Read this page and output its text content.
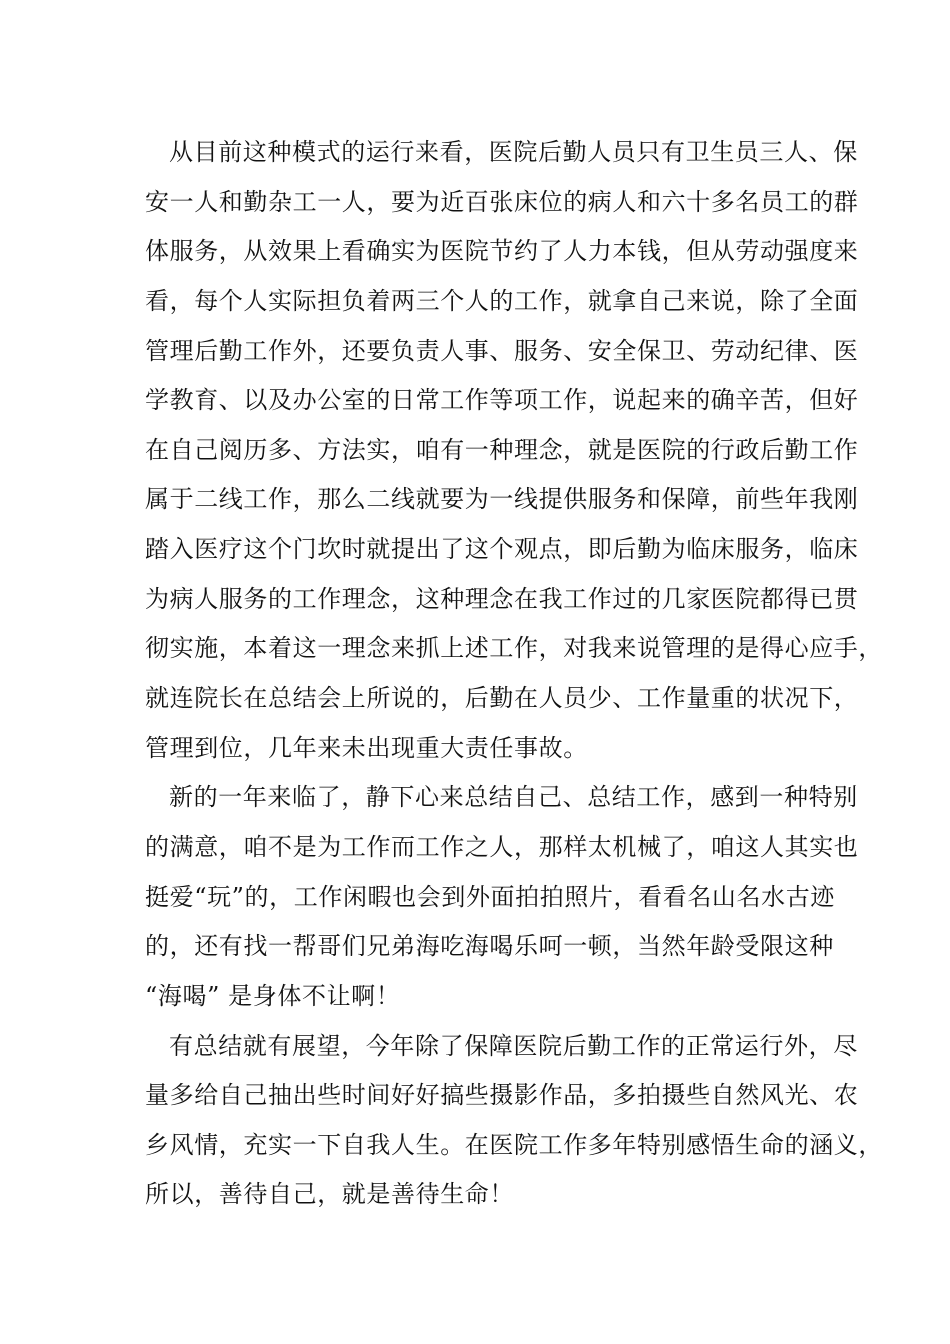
从目前这种模式的运行来看，医院后勤人员只有卫生员三人、保
安一人和勤杂工一人，要为近百张床位的病人和六十多名员工的群
体服务，从效果上看确实为医院节约了人力本钱，但从劳动强度来
看，每个人实际担负着两三个人的工作，就拿自己来说，除了全面
管理后勤工作外，还要负责人事、服务、安全保卫、劳动纪律、医
学教育、以及办公室的日常工作等项工作，说起来的确辛苦，但好
在自己阅历多、方法实，咱有一种理念，就是医院的行政后勤工作
属于二线工作，那么二线就要为一线提供服务和保障，前些年我刚
踏入医疗这个门坎时就提出了这个观点，即后勤为临床服务，临床
为病人服务的工作理念，这种理念在我工作过的几家医院都得已贯
彻实施，本着这一理念来抓上述工作，对我来说管理的是得心应手，
就连院长在总结会上所说的，后勤在人员少、工作量重的状况下，
管理到位，几年来未出现重大责任事故。
新的一年来临了，静下心来总结自己、总结工作，感到一种特别
的满意，咱不是为工作而工作之人，那样太机械了，咱这人其实也
挺爱“玩”的，工作闲暇也会到外面拍拍照片，看看名山名水古迹
的，还有找一帮哥们兄弟海吃海喝乐呵一顿，当然年龄受限这种
“海喝” 是身体不让啊！
有总结就有展望，今年除了保障医院后勤工作的正常运行外，尽
量多给自己抽出些时间好好搞些摄影作品，多拍摄些自然风光、农
乡风情，充实一下自我人生。在医院工作多年特别感悟生命的涵义，
所以，善待自己，就是善待生命！
